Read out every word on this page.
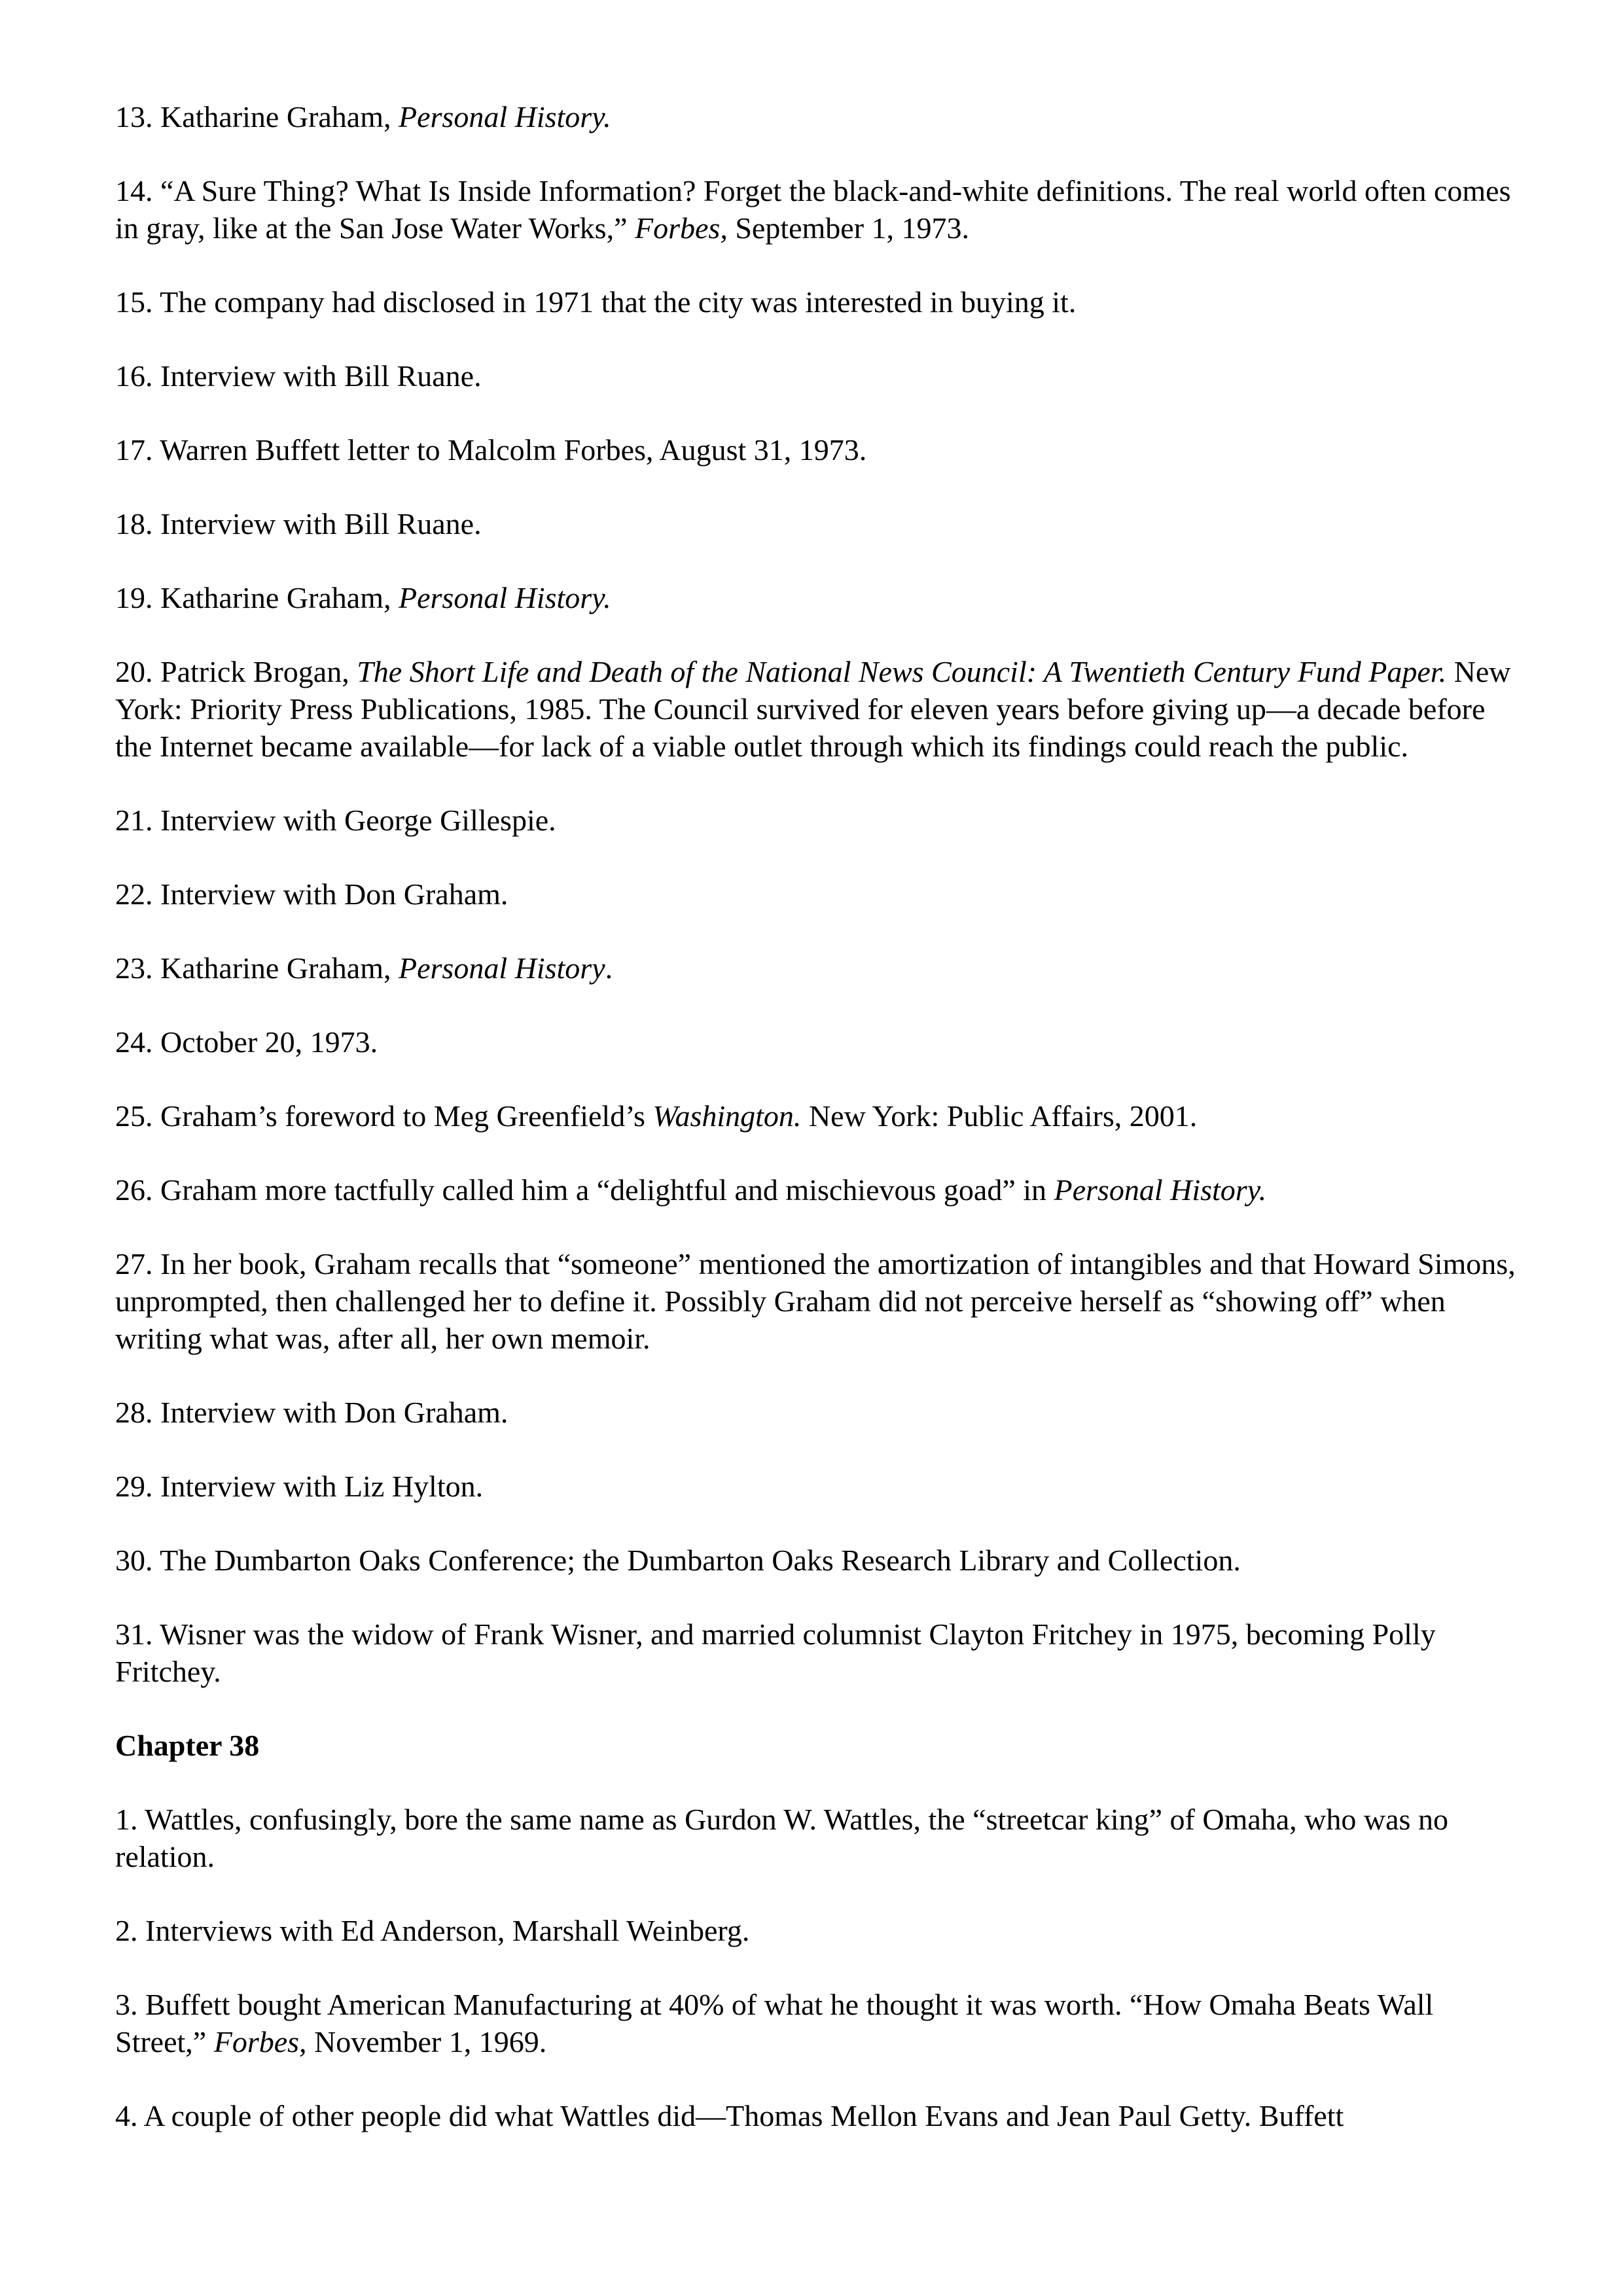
13. Katharine Graham, Personal History.
14. “A Sure Thing? What Is Inside Information? Forget the black-and-white definitions. The real world often comes in gray, like at the San Jose Water Works,” Forbes, September 1, 1973.
15. The company had disclosed in 1971 that the city was interested in buying it.
16. Interview with Bill Ruane.
17. Warren Buffett letter to Malcolm Forbes, August 31, 1973.
18. Interview with Bill Ruane.
19. Katharine Graham, Personal History.
20. Patrick Brogan, The Short Life and Death of the National News Council: A Twentieth Century Fund Paper. New York: Priority Press Publications, 1985. The Council survived for eleven years before giving up—a decade before the Internet became available—for lack of a viable outlet through which its findings could reach the public.
21. Interview with George Gillespie.
22. Interview with Don Graham.
23. Katharine Graham, Personal History.
24. October 20, 1973.
25. Graham’s foreword to Meg Greenfield’s Washington. New York: Public Affairs, 2001.
26. Graham more tactfully called him a “delightful and mischievous goad” in Personal History.
27. In her book, Graham recalls that “someone” mentioned the amortization of intangibles and that Howard Simons, unprompted, then challenged her to define it. Possibly Graham did not perceive herself as “showing off” when writing what was, after all, her own memoir.
28. Interview with Don Graham.
29. Interview with Liz Hylton.
30. The Dumbarton Oaks Conference; the Dumbarton Oaks Research Library and Collection.
31. Wisner was the widow of Frank Wisner, and married columnist Clayton Fritchey in 1975, becoming Polly Fritchey.
Chapter 38
1. Wattles, confusingly, bore the same name as Gurdon W. Wattles, the “streetcar king” of Omaha, who was no relation.
2. Interviews with Ed Anderson, Marshall Weinberg.
3. Buffett bought American Manufacturing at 40% of what he thought it was worth. “How Omaha Beats Wall Street,” Forbes, November 1, 1969.
4. A couple of other people did what Wattles did—Thomas Mellon Evans and Jean Paul Getty. Buffett
